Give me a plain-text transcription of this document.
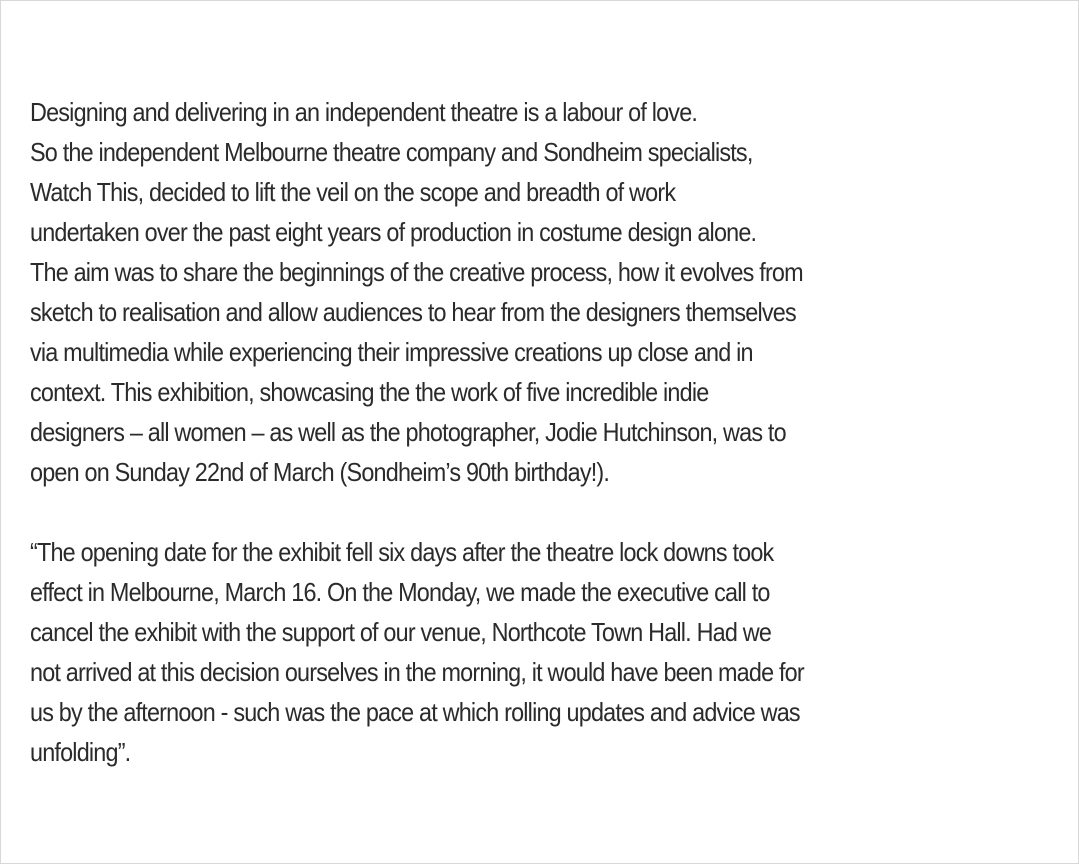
Designing and delivering in an independent theatre is a labour of love.
So the independent Melbourne theatre company and Sondheim specialists,
Watch This, decided to lift the veil on the scope and breadth of work
undertaken over the past eight years of production in costume design alone.
The aim was to share the beginnings of the creative process, how it evolves from
sketch to realisation and allow audiences to hear from the designers themselves
via multimedia while experiencing their impressive creations up close and in
context. This exhibition, showcasing the the work of five incredible indie
designers – all women – as well as the photographer, Jodie Hutchinson, was to
open on Sunday 22nd of March (Sondheim’s 90th birthday!).

“The opening date for the exhibit fell six days after the theatre lock downs took
effect in Melbourne, March 16. On the Monday, we made the executive call to
cancel the exhibit with the support of our venue, Northcote Town Hall. Had we
not arrived at this decision ourselves in the morning, it would have been made for
us by the afternoon - such was the pace at which rolling updates and advice was
unfolding”.
